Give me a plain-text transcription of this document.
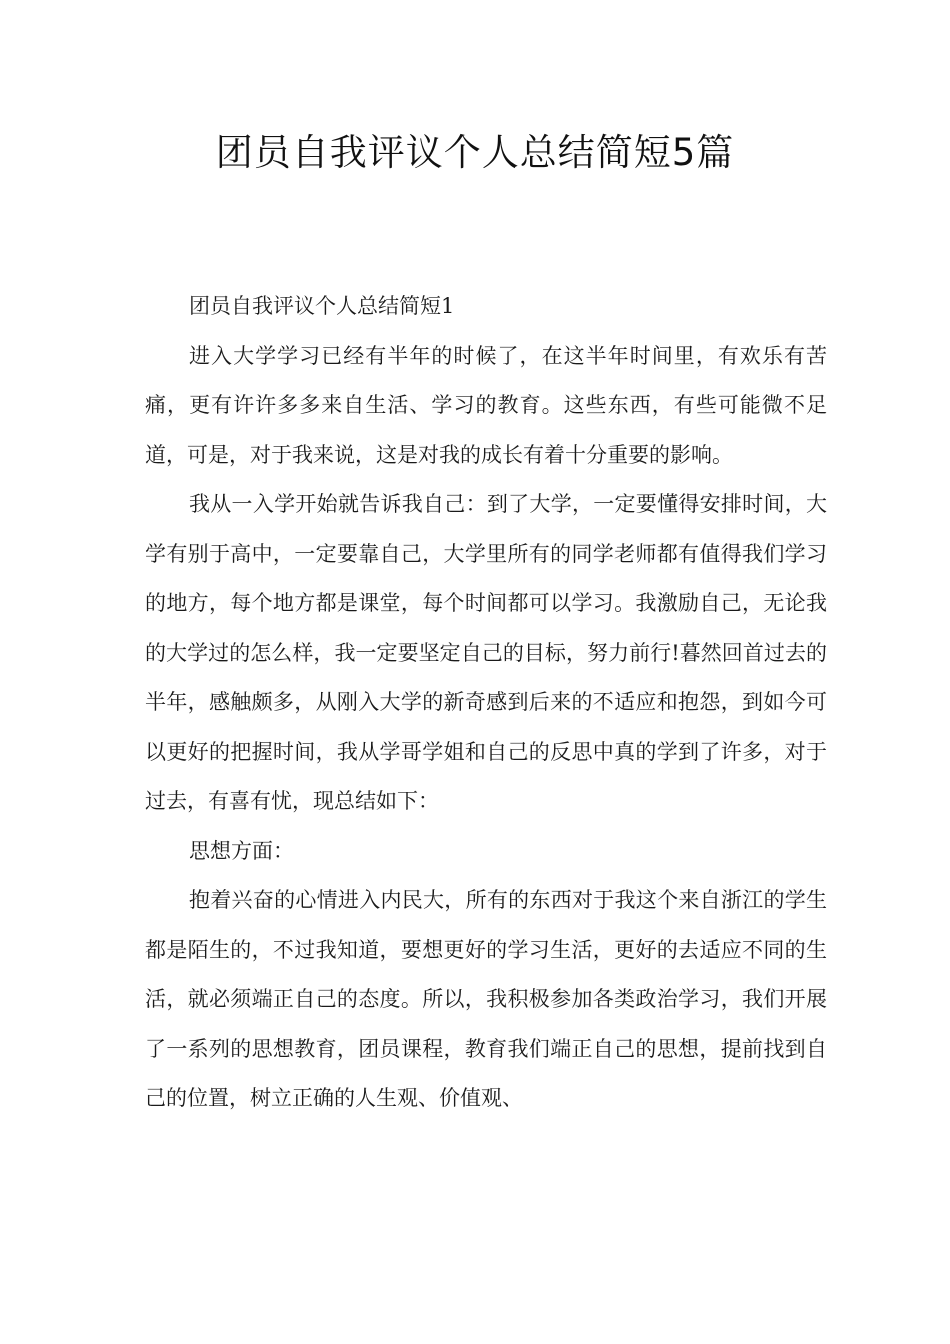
团员自我评议个人总结简短5篇

团员自我评议个人总结简短1

进入大学学习已经有半年的时候了，在这半年时间里，有欢乐有苦痛，更有许许多多来自生活、学习的教育。这些东西，有些可能微不足道，可是，对于我来说，这是对我的成长有着十分重要的影响。

我从一入学开始就告诉我自己：到了大学，一定要懂得安排时间，大学有别于高中，一定要靠自己，大学里所有的同学老师都有值得我们学习的地方，每个地方都是课堂，每个时间都可以学习。我激励自己，无论我的大学过的怎么样，我一定要坚定自己的目标，努力前行!暮然回首过去的半年，感触颇多，从刚入大学的新奇感到后来的不适应和抱怨，到如今可以更好的把握时间，我从学哥学姐和自己的反思中真的学到了许多，对于过去，有喜有忧，现总结如下：

思想方面：

抱着兴奋的心情进入内民大，所有的东西对于我这个来自浙江的学生都是陌生的，不过我知道，要想更好的学习生活，更好的去适应不同的生活，就必须端正自己的态度。所以，我积极参加各类政治学习，我们开展了一系列的思想教育，团员课程，教育我们端正自己的思想，提前找到自己的位置，树立正确的人生观、价值观、
